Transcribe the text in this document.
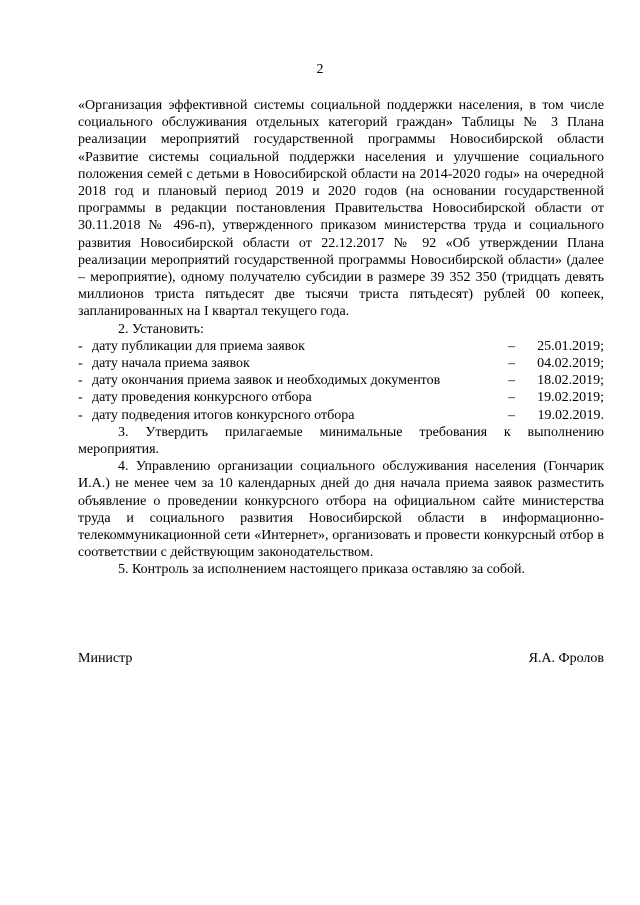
2

«Организация эффективной системы социальной поддержки населения, в том числе социального обслуживания отдельных категорий граждан» Таблицы № 3 Плана реализации мероприятий государственной программы Новосибирской области «Развитие системы социальной поддержки населения и улучшение социального положения семей с детьми в Новосибирской области на 2014-2020 годы» на очередной 2018 год и плановый период 2019 и 2020 годов (на основании государственной программы в редакции постановления Правительства Новосибирской области от 30.11.2018 № 496-п), утвержденного приказом министерства труда и социального развития Новосибирской области от 22.12.2017 № 92 «Об утверждении Плана реализации мероприятий государственной программы Новосибирской области» (далее – мероприятие), одному получателю субсидии в размере 39 352 350 (тридцать девять миллионов триста пятьдесят две тысячи триста пятьдесят) рублей 00 копеек, запланированных на I квартал текущего года.

2. Установить:

- дату публикации для приема заявок	–	25.01.2019;
- дату начала приема заявок	–	04.02.2019;
- дату окончания приема заявок и необходимых документов	–	18.02.2019;
- дату проведения конкурсного отбора	–	19.02.2019;
- дату подведения итогов конкурсного отбора	–	19.02.2019.

3. Утвердить прилагаемые минимальные требования к выполнению мероприятия.

4. Управлению организации социального обслуживания населения (Гончарик И.А.) не менее чем за 10 календарных дней до дня начала приема заявок разместить объявление о проведении конкурсного отбора на официальном сайте министерства труда и социального развития Новосибирской области в информационно-телекоммуникационной сети «Интернет», организовать и провести конкурсный отбор в соответствии с действующим законодательством.

5. Контроль за исполнением настоящего приказа оставляю за собой.

Министр	Я.А. Фролов
